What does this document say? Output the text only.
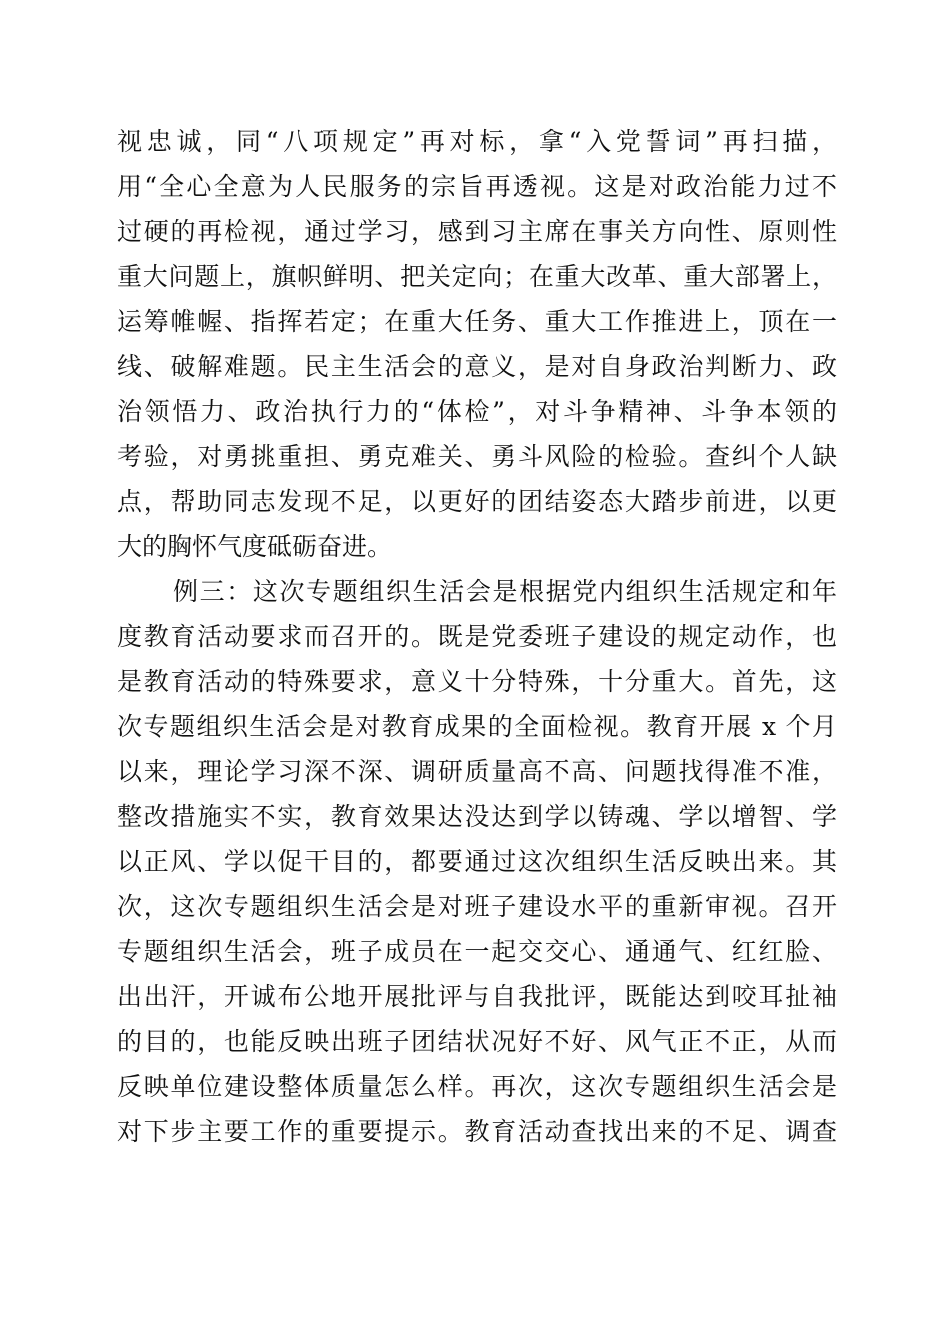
视忠诚，同“八项规定”再对标，拿“入党誓词”再扫描，
用“全心全意为人民服务的宗旨再透视。这是对政治能力过不
过硬的再检视，通过学习，感到习主席在事关方向性、原则性
重大问题上，旗帜鲜明、把关定向；在重大改革、重大部署上，
运筹帷幄、指挥若定；在重大任务、重大工作推进上，顶在一
线、破解难题。民主生活会的意义，是对自身政治判断力、政
治领悟力、政治执行力的“体检”，对斗争精神、斗争本领的
考验，对勇挑重担、勇克难关、勇斗风险的检验。查纠个人缺
点，帮助同志发现不足，以更好的团结姿态大踏步前进，以更
大的胸怀气度砥砺奋进。
例三：这次专题组织生活会是根据党内组织生活规定和年
度教育活动要求而召开的。既是党委班子建设的规定动作，也
是教育活动的特殊要求，意义十分特殊，十分重大。首先，这
次专题组织生活会是对教育成果的全面检视。教育开展 x 个月
以来，理论学习深不深、调研质量高不高、问题找得准不准，
整改措施实不实，教育效果达没达到学以铸魂、学以增智、学
以正风、学以促干目的，都要通过这次组织生活反映出来。其
次，这次专题组织生活会是对班子建设水平的重新审视。召开
专题组织生活会，班子成员在一起交交心、通通气、红红脸、
出出汗，开诚布公地开展批评与自我批评，既能达到咬耳扯袖
的目的，也能反映出班子团结状况好不好、风气正不正，从而
反映单位建设整体质量怎么样。再次，这次专题组织生活会是
对下步主要工作的重要提示。教育活动查找出来的不足、调查
